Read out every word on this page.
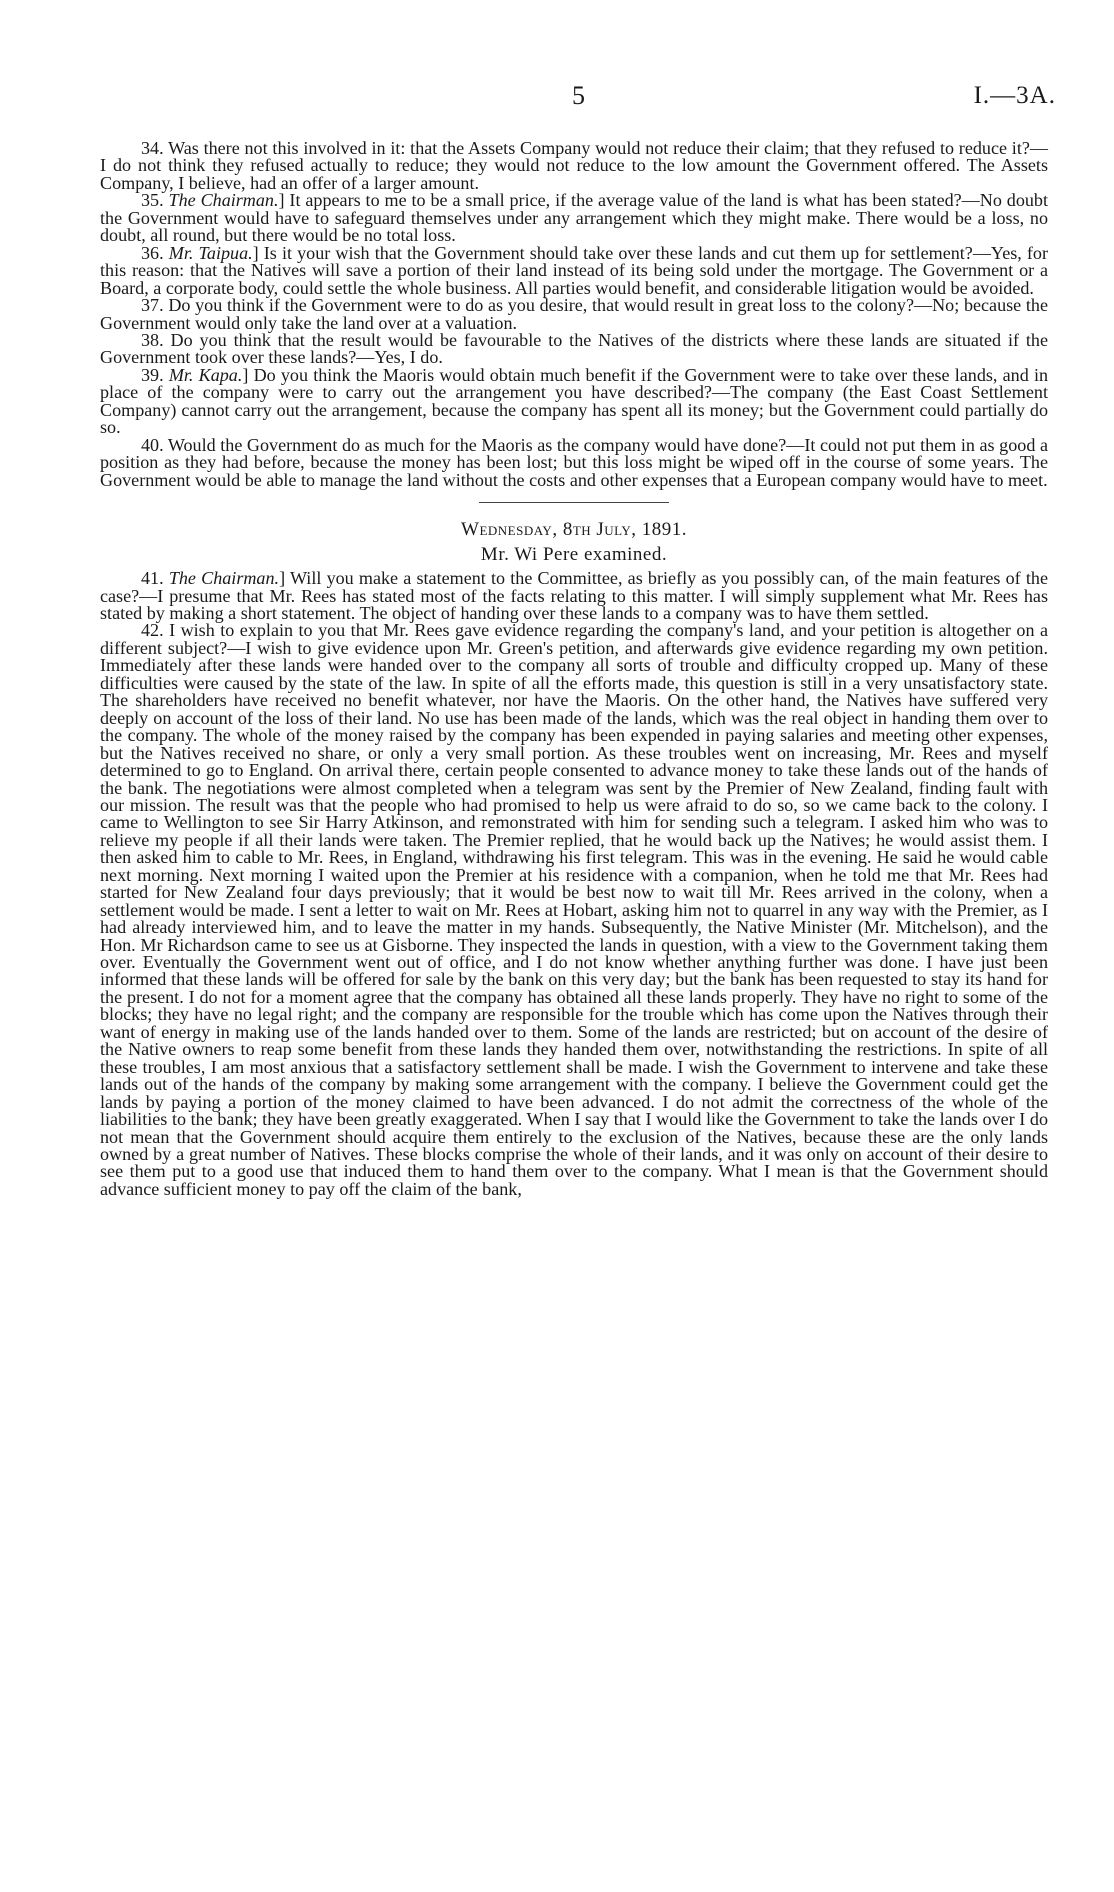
5	I.—3A.

34. Was there not this involved in it: that the Assets Company would not reduce their claim; that they refused to reduce it?—I do not think they refused actually to reduce; they would not reduce to the low amount the Government offered. The Assets Company, I believe, had an offer of a larger amount.

35. The Chairman.] It appears to me to be a small price, if the average value of the land is what has been stated?—No doubt the Government would have to safeguard themselves under any arrangement which they might make. There would be a loss, no doubt, all round, but there would be no total loss.

36. Mr. Taipua.] Is it your wish that the Government should take over these lands and cut them up for settlement?—Yes, for this reason: that the Natives will save a portion of their land instead of its being sold under the mortgage. The Government or a Board, a corporate body, could settle the whole business. All parties would benefit, and considerable litigation would be avoided.

37. Do you think if the Government were to do as you desire, that would result in great loss to the colony?—No; because the Government would only take the land over at a valuation.

38. Do you think that the result would be favourable to the Natives of the districts where these lands are situated if the Government took over these lands?—Yes, I do.

39. Mr. Kapa.] Do you think the Maoris would obtain much benefit if the Government were to take over these lands, and in place of the company were to carry out the arrangement you have described?—The company (the East Coast Settlement Company) cannot carry out the arrangement, because the company has spent all its money; but the Government could partially do so.

40. Would the Government do as much for the Maoris as the company would have done?—It could not put them in as good a position as they had before, because the money has been lost; but this loss might be wiped off in the course of some years. The Government would be able to manage the land without the costs and other expenses that a European company would have to meet.

Wednesday, 8th July, 1891.
Mr. Wi Pere examined.

41. The Chairman.] Will you make a statement to the Committee, as briefly as you possibly can, of the main features of the case?—I presume that Mr. Rees has stated most of the facts relating to this matter. I will simply supplement what Mr. Rees has stated by making a short statement. The object of handing over these lands to a company was to have them settled.

42. I wish to explain to you that Mr. Rees gave evidence regarding the company's land, and your petition is altogether on a different subject?—I wish to give evidence upon Mr. Green's petition, and afterwards give evidence regarding my own petition. Immediately after these lands were handed over to the company all sorts of trouble and difficulty cropped up. Many of these difficulties were caused by the state of the law. In spite of all the efforts made, this question is still in a very unsatisfactory state. The shareholders have received no benefit whatever, nor have the Maoris. On the other hand, the Natives have suffered very deeply on account of the loss of their land. No use has been made of the lands, which was the real object in handing them over to the company. The whole of the money raised by the company has been expended in paying salaries and meeting other expenses, but the Natives received no share, or only a very small portion. As these troubles went on increasing, Mr. Rees and myself determined to go to England. On arrival there, certain people consented to advance money to take these lands out of the hands of the bank. The negotiations were almost completed when a telegram was sent by the Premier of New Zealand, finding fault with our mission. The result was that the people who had promised to help us were afraid to do so, so we came back to the colony. I came to Wellington to see Sir Harry Atkinson, and remonstrated with him for sending such a telegram. I asked him who was to relieve my people if all their lands were taken. The Premier replied, that he would back up the Natives; he would assist them. I then asked him to cable to Mr. Rees, in England, withdrawing his first telegram. This was in the evening. He said he would cable next morning. Next morning I waited upon the Premier at his residence with a companion, when he told me that Mr. Rees had started for New Zealand four days previously; that it would be best now to wait till Mr. Rees arrived in the colony, when a settlement would be made. I sent a letter to wait on Mr. Rees at Hobart, asking him not to quarrel in any way with the Premier, as I had already interviewed him, and to leave the matter in my hands. Subsequently, the Native Minister (Mr. Mitchelson), and the Hon. Mr Richardson came to see us at Gisborne. They inspected the lands in question, with a view to the Government taking them over. Eventually the Government went out of office, and I do not know whether anything further was done. I have just been informed that these lands will be offered for sale by the bank on this very day; but the bank has been requested to stay its hand for the present. I do not for a moment agree that the company has obtained all these lands properly. They have no right to some of the blocks; they have no legal right; and the company are responsible for the trouble which has come upon the Natives through their want of energy in making use of the lands handed over to them. Some of the lands are restricted; but on account of the desire of the Native owners to reap some benefit from these lands they handed them over, notwithstanding the restrictions. In spite of all these troubles, I am most anxious that a satisfactory settlement shall be made. I wish the Government to intervene and take these lands out of the hands of the company by making some arrangement with the company. I believe the Government could get the lands by paying a portion of the money claimed to have been advanced. I do not admit the correctness of the whole of the liabilities to the bank; they have been greatly exaggerated. When I say that I would like the Government to take the lands over I do not mean that the Government should acquire them entirely to the exclusion of the Natives, because these are the only lands owned by a great number of Natives. These blocks comprise the whole of their lands, and it was only on account of their desire to see them put to a good use that induced them to hand them over to the company. What I mean is that the Government should advance sufficient money to pay off the claim of the bank,
